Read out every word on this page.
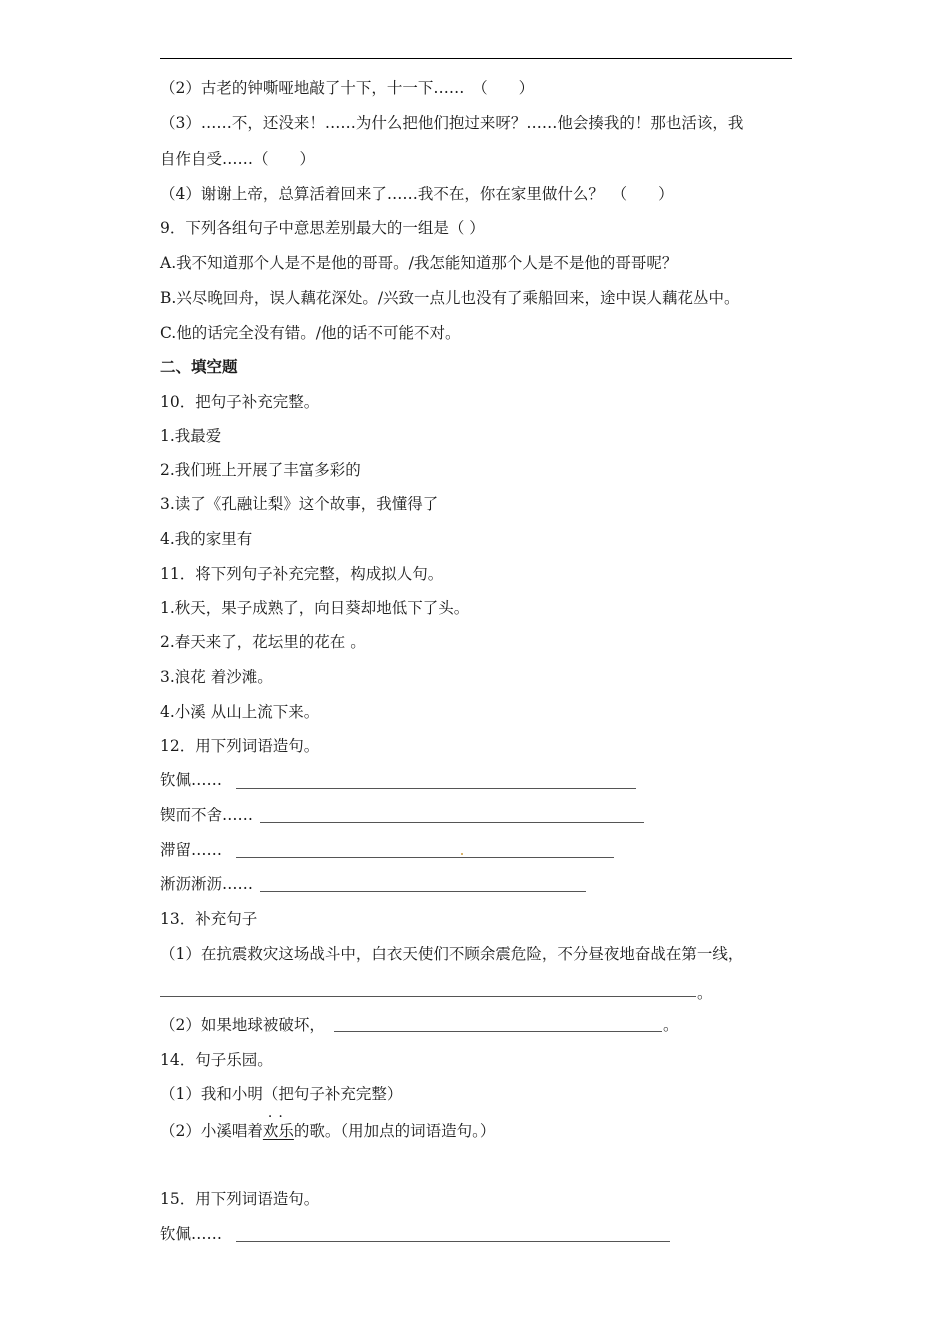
（2）古老的钟嘶哑地敲了十下，十一下……　（　　）
（3）……不，还没来！……为什么把他们抱过来呀？……他会揍我的！那也活该，我
自作自受……（　　）
（4）谢谢上帝，总算活着回来了……我不在，你在家里做什么？　（　　）
9．下列各组句子中意思差别最大的一组是（ ）
A.我不知道那个人是不是他的哥哥。/我怎能知道那个人是不是他的哥哥呢？
B.兴尽晚回舟，误人藕花深处。/兴致一点儿也没有了乘船回来，途中误人藕花丛中。
C.他的话完全没有错。/他的话不可能不对。
二、填空题
10．把句子补充完整。
1.我最爱
2.我们班上开展了丰富多彩的
3.读了《孔融让梨》这个故事，我懂得了
4.我的家里有
11．将下列句子补充完整，构成拟人句。
1.秋天，果子成熟了，向日葵却地低下了头。
2.春天来了，花坛里的花在 。
3.浪花 着沙滩。
4.小溪 从山上流下来。
12．用下列词语造句。
钦佩……
锲而不舍……
滞留……
淅沥淅沥……
13．补充句子
（1）在抗震救灾这场战斗中，白衣天使们不顾余震危险，不分昼夜地奋战在第一线，
。
（2）如果地球被破坏，	。
14．句子乐园。
（1）我和小明（把句子补充完整）
（2）小溪唱着
··
欢乐的歌。（用加点的词语造句。）
15．用下列词语造句。
钦佩……
